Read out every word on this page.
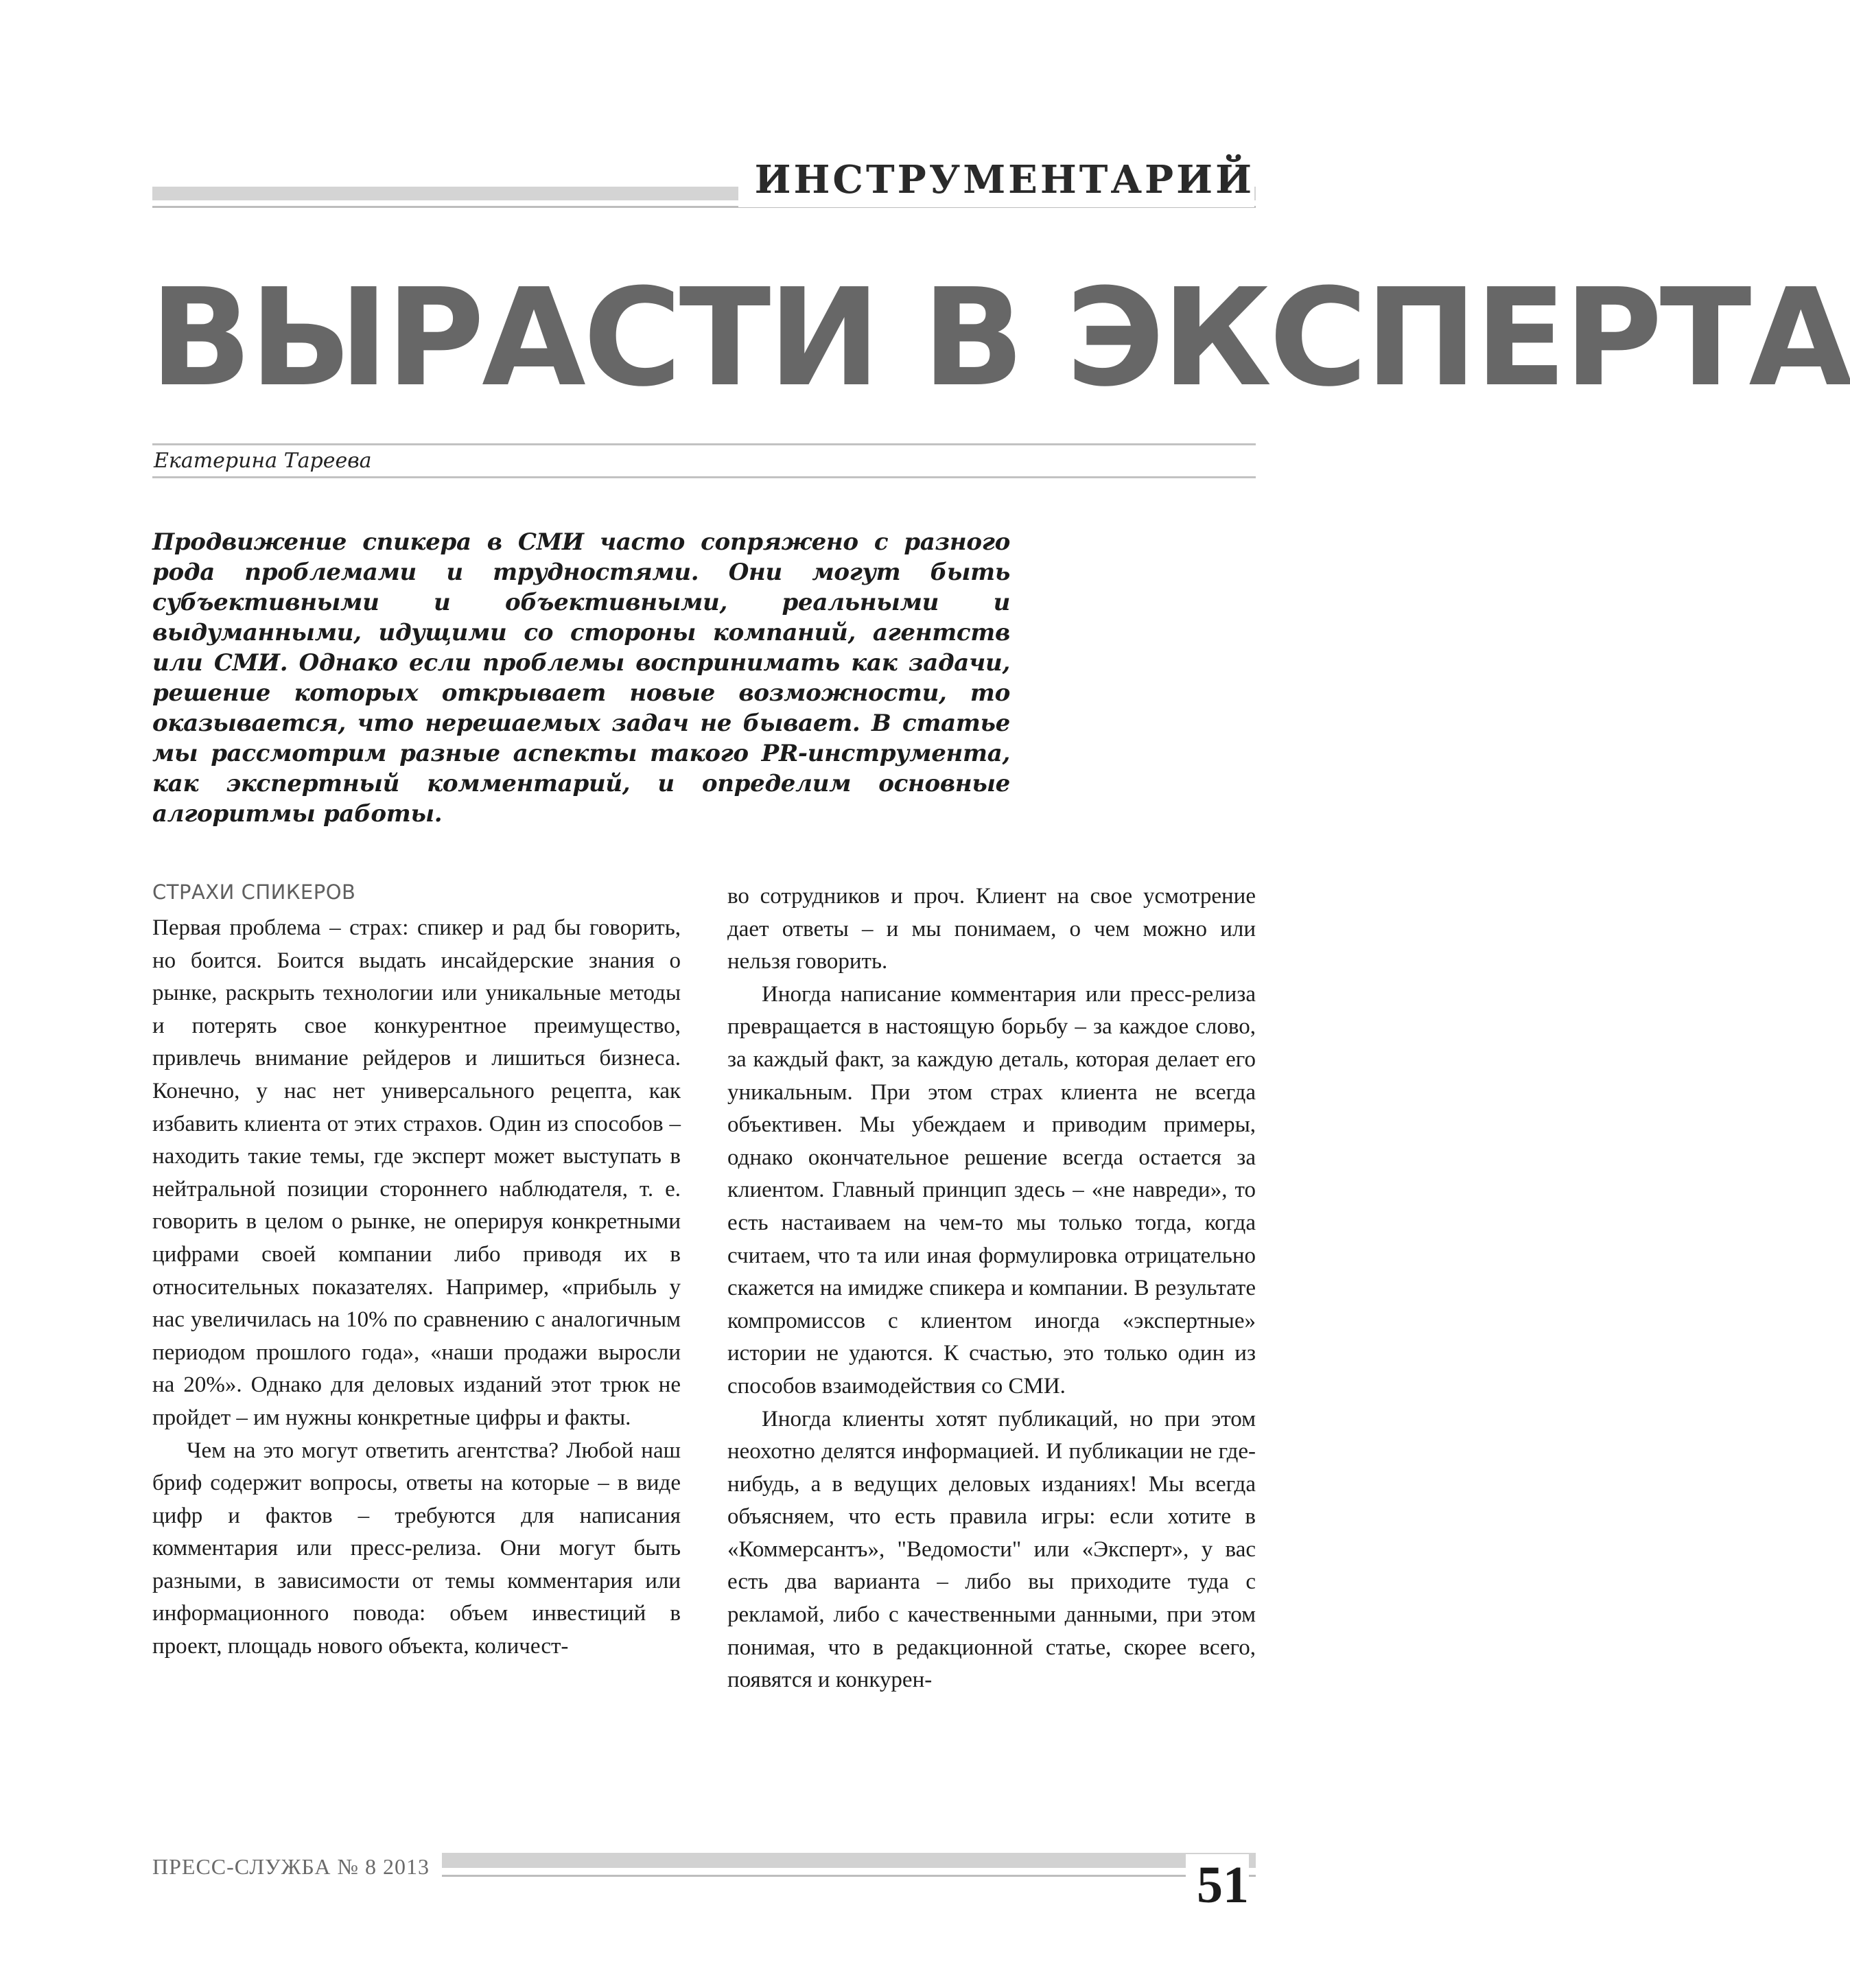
ИНСТРУМЕНТАРИЙ
ВЫРАСТИ В ЭКСПЕРТА
Екатерина Тареева
Продвижение спикера в СМИ часто сопряжено с разного рода проблемами и трудностями. Они могут быть субъективными и объективными, реальными и выдуманными, идущими со стороны компаний, агентств или СМИ. Однако если проблемы воспринимать как задачи, решение которых открывает новые возможности, то оказывается, что нерешаемых задач не бывает. В статье мы рассмотрим разные аспекты такого PR-инструмента, как экспертный комментарий, и определим основные алгоритмы работы.
СТРАХИ СПИКЕРОВ

Первая проблема – страх: спикер и рад бы говорить, но боится. Боится выдать инсайдерские знания о рынке, раскрыть технологии или уникальные методы и потерять свое конкурентное преимущество, привлечь внимание рейдеров и лишиться бизнеса. Конечно, у нас нет универсального рецепта, как избавить клиента от этих страхов. Один из способов – находить такие темы, где эксперт может выступать в нейтральной позиции стороннего наблюдателя, т. е. говорить в целом о рынке, не оперируя конкретными цифрами своей компании либо приводя их в относительных показателях. Например, «прибыль у нас увеличилась на 10% по сравнению с аналогичным периодом прошлого года», «наши продажи выросли на 20%». Однако для деловых изданий этот трюк не пройдет – им нужны конкретные цифры и факты.

Чем на это могут ответить агентства? Любой наш бриф содержит вопросы, ответы на которые – в виде цифр и фактов – требуются для написания комментария или пресс-релиза. Они могут быть разными, в зависимости от темы комментария или информационного повода: объем инвестиций в проект, площадь нового объекта, количест-

во сотрудников и проч. Клиент на свое усмотрение дает ответы – и мы понимаем, о чем можно или нельзя говорить.

Иногда написание комментария или пресс-релиза превращается в настоящую борьбу – за каждое слово, за каждый факт, за каждую деталь, которая делает его уникальным. При этом страх клиента не всегда объективен. Мы убеждаем и приводим примеры, однако окончательное решение всегда остается за клиентом. Главный принцип здесь – «не навреди», то есть настаиваем на чем-то мы только тогда, когда считаем, что та или иная формулировка отрицательно скажется на имидже спикера и компании. В результате компромиссов с клиентом иногда «экспертные» истории не удаются. К счастью, это только один из способов взаимодействия со СМИ.

Иногда клиенты хотят публикаций, но при этом неохотно делятся информацией. И публикации не где-нибудь, а в ведущих деловых изданиях! Мы всегда объясняем, что есть правила игры: если хотите в «Коммерсантъ», "Ведомости" или «Эксперт», у вас есть два варианта – либо вы приходите туда с рекламой, либо с качественными данными, при этом понимая, что в редакционной статье, скорее всего, появятся и конкурен-

ПРЕСС-СЛУЖБА № 8 2013	51
